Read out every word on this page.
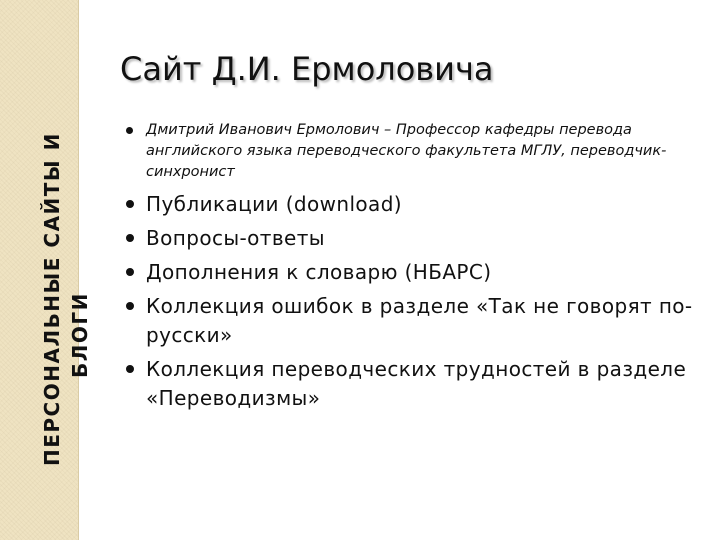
ПЕРСОНАЛЬНЫЕ САЙТЫ И БЛОГИ
Сайт Д.И. Ермоловича
Дмитрий Иванович Ермолович – Профессор кафедры перевода английского языка переводческого факультета МГЛУ, переводчик-синхронист
Публикации (download)
Вопросы-ответы
Дополнения к словарю (НБАРС)
Коллекция ошибок в разделе «Так не говорят по-русски»
Коллекция переводческих трудностей в разделе «Переводизмы»
